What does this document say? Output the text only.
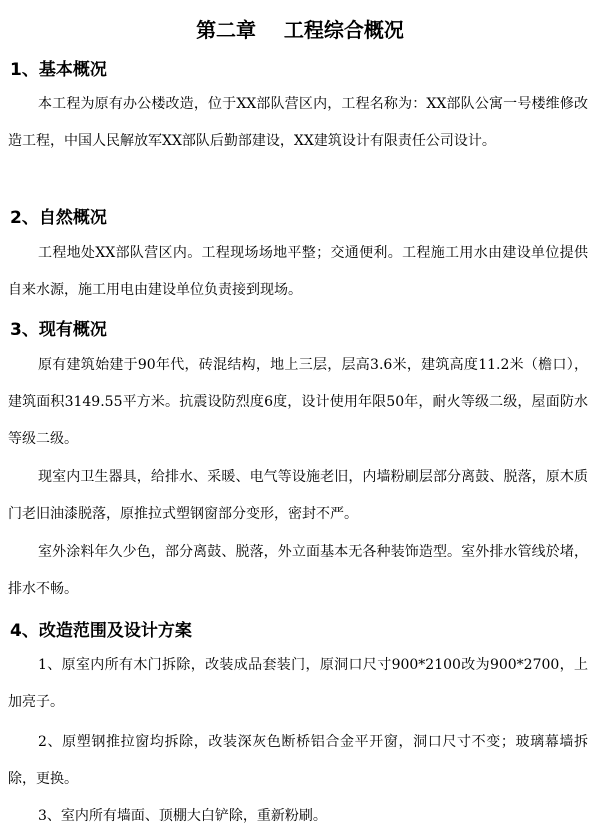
第二章    工程综合概况
1、基本概况
本工程为原有办公楼改造，位于XX部队营区内，工程名称为：XX部队公寓一号楼维修改造工程，中国人民解放军XX部队后勤部建设，XX建筑设计有限责任公司设计。
2、自然概况
工程地处XX部队营区内。工程现场场地平整；交通便利。工程施工用水由建设单位提供自来水源，施工用电由建设单位负责接到现场。
3、现有概况
原有建筑始建于90年代，砖混结构，地上三层，层高3.6米，建筑高度11.2米（檐口），建筑面积3149.55平方米。抗震设防烈度6度，设计使用年限50年，耐火等级二级，屋面防水等级二级。
现室内卫生器具，给排水、采暖、电气等设施老旧，内墙粉刷层部分离鼓、脱落，原木质门老旧油漆脱落，原推拉式塑钢窗部分变形，密封不严。
室外涂料年久少色，部分离鼓、脱落，外立面基本无各种装饰造型。室外排水管线於堵，排水不畅。
4、改造范围及设计方案
1、原室内所有木门拆除，改装成品套装门，原洞口尺寸900*2100改为900*2700，上加亮子。
2、原塑钢推拉窗均拆除，改装深灰色断桥铝合金平开窗，洞口尺寸不变；玻璃幕墙拆除，更换。
3、室内所有墙面、顶棚大白铲除，重新粉刷。
